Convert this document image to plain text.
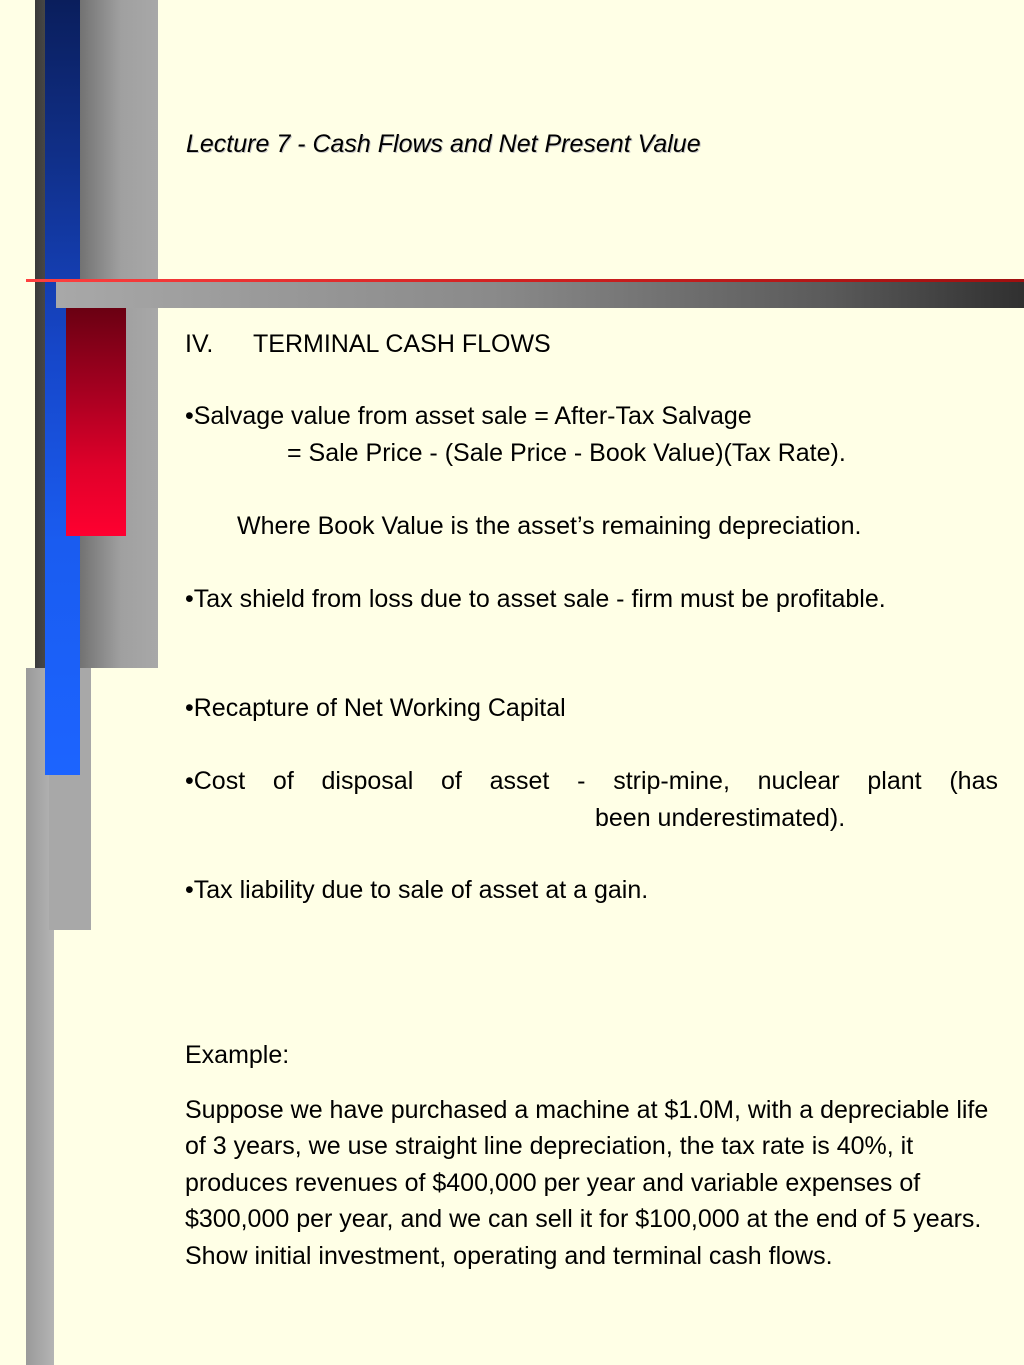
Lecture 7 - Cash Flows and Net Present Value

IV. TERMINAL CASH FLOWS

•Salvage value from asset sale = After-Tax Salvage
= Sale Price - (Sale Price - Book Value)(Tax Rate).

Where Book Value is the asset’s remaining depreciation.

•Tax shield from loss due to asset sale - firm must be profitable.

•Recapture of Net Working Capital

•Cost of disposal of asset - strip-mine, nuclear plant (has

been underestimated).

•Tax liability due to sale of asset at a gain.

Example:

Suppose we have purchased a machine at $1.0M, with a depreciable life of 3 years, we use straight line depreciation, the tax rate is 40%, it produces revenues of $400,000 per year and variable expenses of $300,000 per year, and we can sell it for $100,000 at the end of 5 years. Show initial investment, operating and terminal cash flows.
